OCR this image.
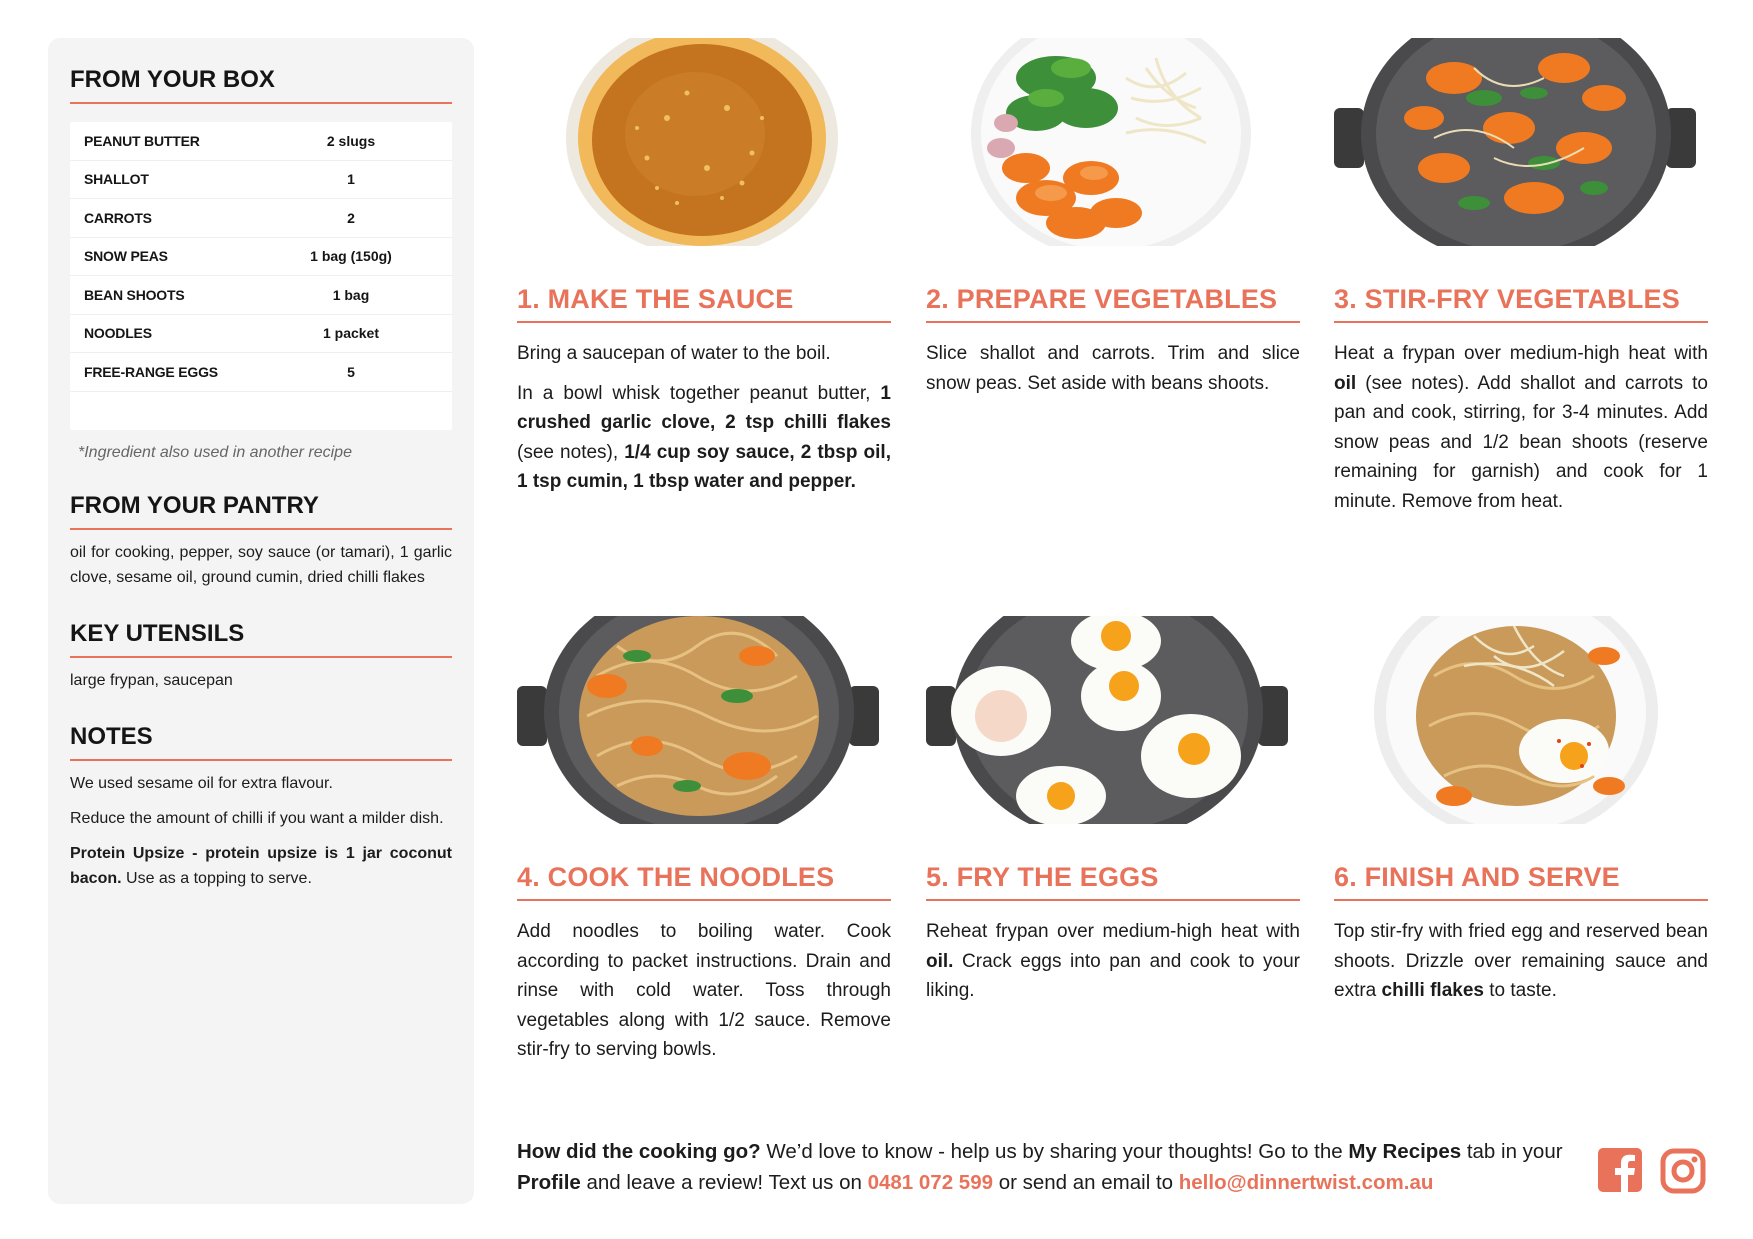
FROM YOUR BOX
PEANUT BUTTER	2 slugs
SHALLOT	1
CARROTS	2
SNOW PEAS	1 bag (150g)
BEAN SHOOTS	1 bag
NOODLES	1 packet
FREE-RANGE EGGS	5

*Ingredient also used in another recipe

FROM YOUR PANTRY

oil for cooking, pepper, soy sauce (or tamari), 1 garlic clove, sesame oil, ground cumin, dried chilli flakes

KEY UTENSILS

large frypan, saucepan

NOTES

We used sesame oil for extra flavour.

Reduce the amount of chilli if you want a milder dish.

Protein Upsize - protein upsize is 1 jar coconut bacon. Use as a topping to serve.

1. MAKE THE SAUCE

Bring a saucepan of water to the boil.

In a bowl whisk together peanut butter, 1 crushed garlic clove, 2 tsp chilli flakes (see notes), 1/4 cup soy sauce, 2 tbsp oil, 1 tsp cumin, 1 tbsp water and pepper.

2. PREPARE VEGETABLES

Slice shallot and carrots. Trim and slice snow peas. Set aside with beans shoots.

3. STIR-FRY VEGETABLES

Heat a frypan over medium-high heat with oil (see notes). Add shallot and carrots to pan and cook, stirring, for 3-4 minutes. Add snow peas and 1/2 bean shoots (reserve remaining for garnish) and cook for 1 minute. Remove from heat.

4. COOK THE NOODLES

Add noodles to boiling water. Cook according to packet instructions. Drain and rinse with cold water. Toss through vegetables along with 1/2 sauce. Remove stir-fry to serving bowls.

5. FRY THE EGGS

Reheat frypan over medium-high heat with oil. Crack eggs into pan and cook to your liking.

6. FINISH AND SERVE

Top stir-fry with fried egg and reserved bean shoots. Drizzle over remaining sauce and extra chilli flakes to taste.

How did the cooking go? We’d love to know - help us by sharing your thoughts! Go to the My Recipes tab in your Profile and leave a review! Text us on 0481 072 599 or send an email to hello@dinnertwist.com.au
